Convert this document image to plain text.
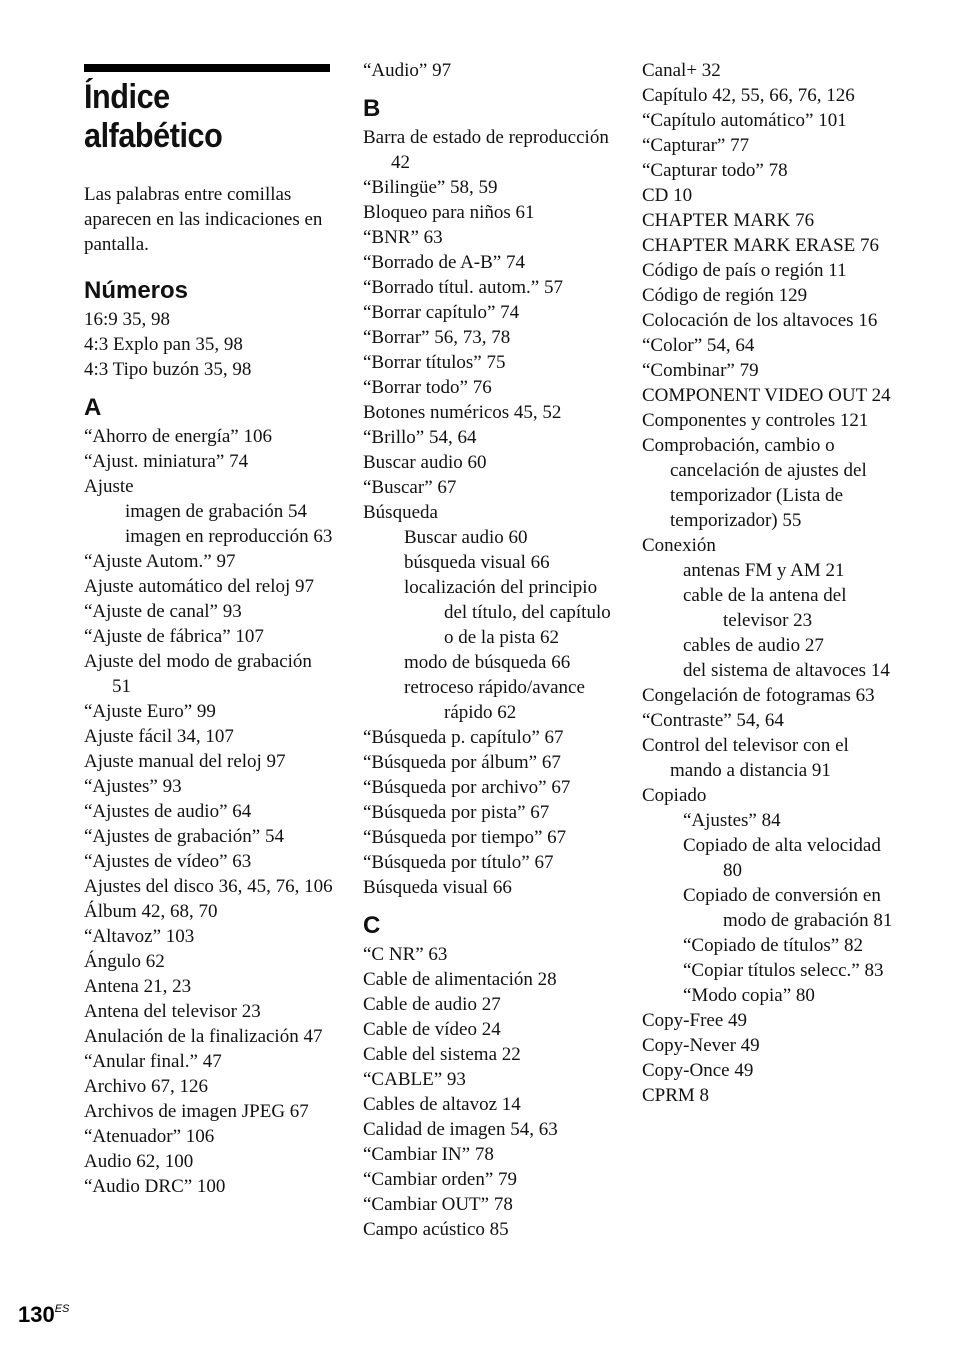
Índice
alfabético

Las palabras entre comillas aparecen en las indicaciones en pantalla.

Números

16:9 35, 98

4:3 Explo pan 35, 98

4:3 Tipo buzón 35, 98

A

“Ahorro de energía” 106

“Ajust. miniatura” 74

Ajuste

imagen de grabación 54

imagen en reproducción 63

“Ajuste Autom.” 97

Ajuste automático del reloj 97

“Ajuste de canal” 93

“Ajuste de fábrica” 107

Ajuste del modo de grabación 51

“Ajuste Euro” 99

Ajuste fácil 34, 107

Ajuste manual del reloj 97

“Ajustes” 93

“Ajustes de audio” 64

“Ajustes de grabación” 54

“Ajustes de vídeo” 63

Ajustes del disco 36, 45, 76, 106

Álbum 42, 68, 70

“Altavoz” 103

Ángulo 62

Antena 21, 23

Antena del televisor 23

Anulación de la finalización 47

“Anular final.” 47

Archivo 67, 126

Archivos de imagen JPEG 67

“Atenuador” 106

Audio 62, 100

“Audio DRC” 100

“Audio” 97

B

Barra de estado de reproducción 42

“Bilingüe” 58, 59

Bloqueo para niños 61

“BNR” 63

“Borrado de A-B” 74

“Borrado títul. autom.” 57

“Borrar capítulo” 74

“Borrar” 56, 73, 78

“Borrar títulos” 75

“Borrar todo” 76

Botones numéricos 45, 52

“Brillo” 54, 64

Buscar audio 60

“Buscar” 67

Búsqueda

Buscar audio 60

búsqueda visual 66

localización del principio del título, del capítulo o de la pista 62

modo de búsqueda 66

retroceso rápido/avance rápido 62

“Búsqueda p. capítulo” 67

“Búsqueda por álbum” 67

“Búsqueda por archivo” 67

“Búsqueda por pista” 67

“Búsqueda por tiempo” 67

“Búsqueda por título” 67

Búsqueda visual 66

C

“C NR” 63

Cable de alimentación 28

Cable de audio 27

Cable de vídeo 24

Cable del sistema 22

“CABLE” 93

Cables de altavoz 14

Calidad de imagen 54, 63

“Cambiar IN” 78

“Cambiar orden” 79

“Cambiar OUT” 78

Campo acústico 85

Canal+ 32

Capítulo 42, 55, 66, 76, 126

“Capítulo automático” 101

“Capturar” 77

“Capturar todo” 78

CD 10

CHAPTER MARK 76

CHAPTER MARK ERASE 76

Código de país o región 11

Código de región 129

Colocación de los altavoces 16

“Color” 54, 64

“Combinar” 79

COMPONENT VIDEO OUT 24

Componentes y controles 121

Comprobación, cambio o cancelación de ajustes del temporizador (Lista de temporizador) 55

Conexión

antenas FM y AM 21

cable de la antena del televisor 23

cables de audio 27

del sistema de altavoces 14

Congelación de fotogramas 63

“Contraste” 54, 64

Control del televisor con el mando a distancia 91

Copiado

“Ajustes” 84

Copiado de alta velocidad 80

Copiado de conversión en modo de grabación 81

“Copiado de títulos” 82

“Copiar títulos selecc.” 83

“Modo copia” 80

Copy-Free 49

Copy-Never 49

Copy-Once 49

CPRM 8

$130^{ES}$
